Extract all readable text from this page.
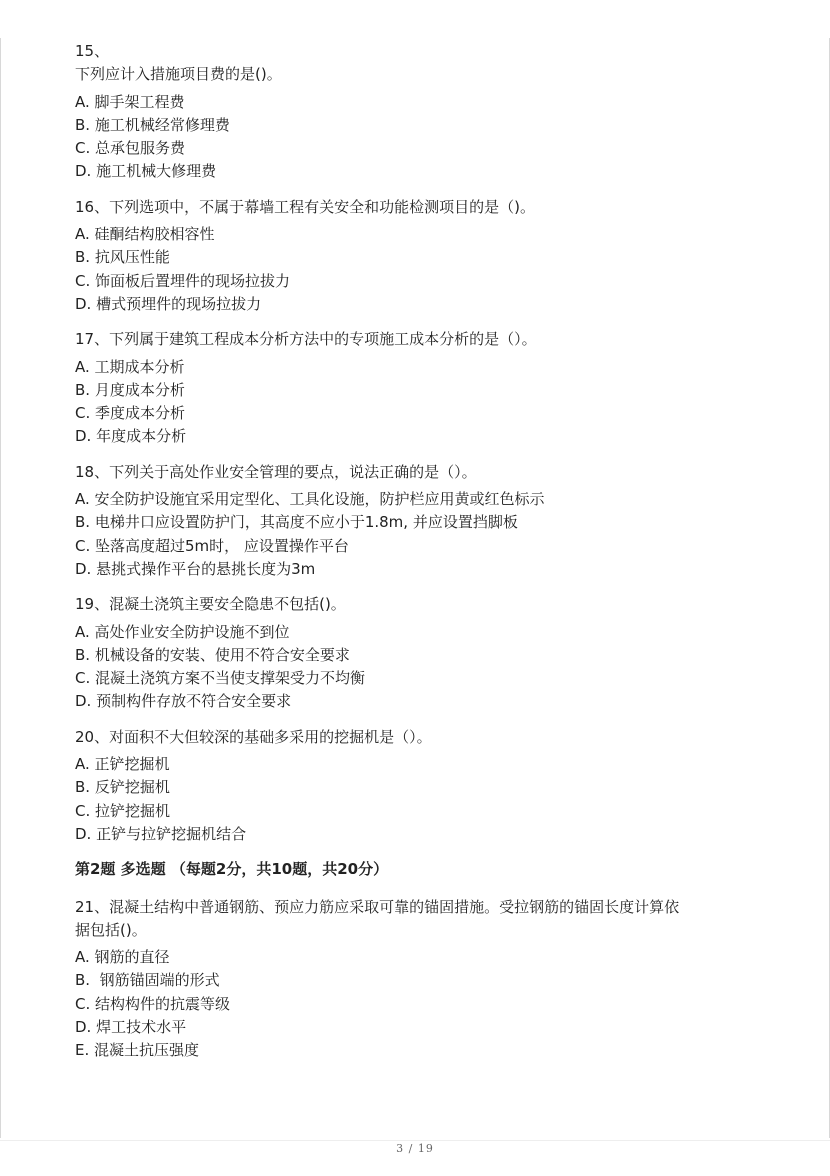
15、

下列应计入措施项目费的是()。

A. 脚手架工程费

B. 施工机械经常修理费

C. 总承包服务费

D. 施工机械大修理费

16、下列选项中，不属于幕墙工程有关安全和功能检测项目的是（)。

A. 硅酮结构胶相容性

B. 抗风压性能

C. 饰面板后置埋件的现场拉拔力

D. 槽式预埋件的现场拉拔力

17、下列属于建筑工程成本分析方法中的专项施工成本分析的是（）。

A. 工期成本分析

B. 月度成本分析

C. 季度成本分析

D. 年度成本分析

18、下列关于高处作业安全管理的要点，说法正确的是（）。

A. 安全防护设施宜采用定型化、工具化设施，防护栏应用黄或红色标示

B. 电梯井口应设置防护门，其高度不应小于1.8m, 并应设置挡脚板

C. 坠落高度超过5m时， 应设置操作平台

D. 悬挑式操作平台的悬挑长度为3m

19、混凝土浇筑主要安全隐患不包括()。

A. 高处作业安全防护设施不到位

B. 机械设备的安装、使用不符合安全要求

C. 混凝土浇筑方案不当使支撑架受力不均衡

D. 预制构件存放不符合安全要求

20、对面积不大但较深的基础多采用的挖掘机是（）。

A. 正铲挖掘机

B. 反铲挖掘机

C. 拉铲挖掘机

D. 正铲与拉铲挖掘机结合

第2题 多选题 （每题2分，共10题，共20分）

21、混凝土结构中普通钢筋、预应力筋应采取可靠的锚固措施。受拉钢筋的锚固长度计算依

据包括()。

A. 钢筋的直径

B.  钢筋锚固端的形式

C. 结构构件的抗震等级

D. 焊工技术水平

E. 混凝土抗压强度

3 / 19
